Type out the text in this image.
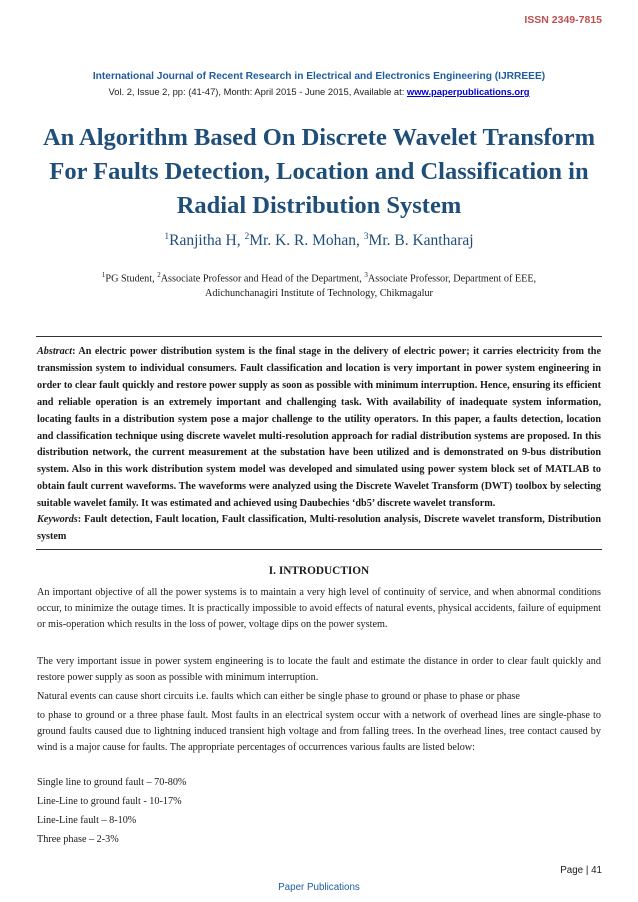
ISSN 2349-7815
International Journal of Recent Research in Electrical and Electronics Engineering (IJRREEE)
Vol. 2, Issue 2, pp: (41-47), Month: April 2015 - June 2015, Available at: www.paperpublications.org
An Algorithm Based On Discrete Wavelet Transform For Faults Detection, Location and Classification in Radial Distribution System
$^1$Ranjitha H, $^2$Mr. K. R. Mohan, $^3$Mr. B. Kantharaj
$^1$PG Student, $^2$Associate Professor and Head of the Department, $^3$Associate Professor, Department of EEE,
Adichunchanagiri Institute of Technology, Chikmagalur
Abstract: An electric power distribution system is the final stage in the delivery of electric power; it carries electricity from the transmission system to individual consumers. Fault classification and location is very important in power system engineering in order to clear fault quickly and restore power supply as soon as possible with minimum interruption. Hence, ensuring its efficient and reliable operation is an extremely important and challenging task. With availability of inadequate system information, locating faults in a distribution system pose a major challenge to the utility operators. In this paper, a faults detection, location and classification technique using discrete wavelet multi-resolution approach for radial distribution systems are proposed. In this distribution network, the current measurement at the substation have been utilized and is demonstrated on 9-bus distribution system. Also in this work distribution system model was developed and simulated using power system block set of MATLAB to obtain fault current waveforms. The waveforms were analyzed using the Discrete Wavelet Transform (DWT) toolbox by selecting suitable wavelet family. It was estimated and achieved using Daubechies ‘db5’ discrete wavelet transform.
Keywords: Fault detection, Fault location, Fault classification, Multi-resolution analysis, Discrete wavelet transform, Distribution system
I. INTRODUCTION
An important objective of all the power systems is to maintain a very high level of continuity of service, and when abnormal conditions occur, to minimize the outage times. It is practically impossible to avoid effects of natural events, physical accidents, failure of equipment or mis-operation which results in the loss of power, voltage dips on the power system.
The very important issue in power system engineering is to locate the fault and estimate the distance in order to clear fault quickly and restore power supply as soon as possible with minimum interruption.
Natural events can cause short circuits i.e. faults which can either be single phase to ground or phase to phase or phase
to phase to ground or a three phase fault. Most faults in an electrical system occur with a network of overhead lines are single-phase to ground faults caused due to lightning induced transient high voltage and from falling trees. In the overhead lines, tree contact caused by wind is a major cause for faults. The appropriate percentages of occurrences various faults are listed below:
Single line to ground fault – 70-80%
Line-Line to ground fault - 10-17%
Line-Line fault – 8-10%
Three phase – 2-3%
Page | 41
Paper Publications
